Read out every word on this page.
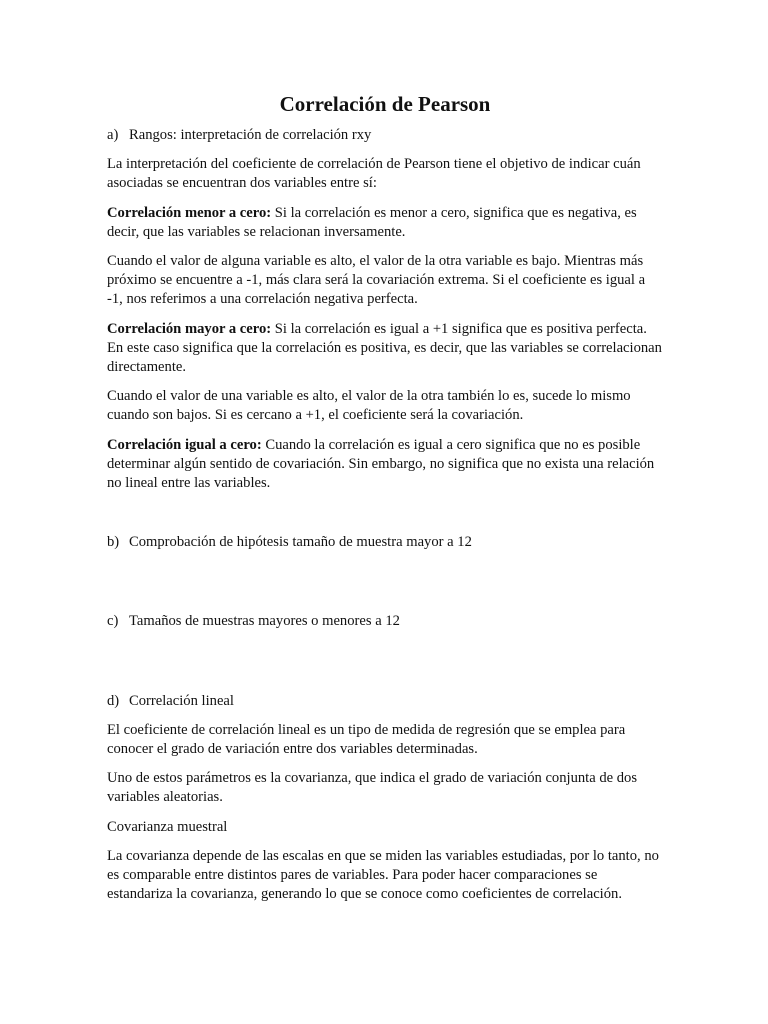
Correlación de Pearson
a) Rangos: interpretación de correlación rxy

La interpretación del coeficiente de correlación de Pearson tiene el objetivo de indicar cuán asociadas se encuentran dos variables entre sí:

Correlación menor a cero: Si la correlación es menor a cero, significa que es negativa, es decir, que las variables se relacionan inversamente.

Cuando el valor de alguna variable es alto, el valor de la otra variable es bajo. Mientras más próximo se encuentre a -1, más clara será la covariación extrema. Si el coeficiente es igual a -1, nos referimos a una correlación negativa perfecta.

Correlación mayor a cero: Si la correlación es igual a +1 significa que es positiva perfecta. En este caso significa que la correlación es positiva, es decir, que las variables se correlacionan directamente.

Cuando el valor de una variable es alto, el valor de la otra también lo es, sucede lo mismo cuando son bajos. Si es cercano a +1, el coeficiente será la covariación.

Correlación igual a cero: Cuando la correlación es igual a cero significa que no es posible determinar algún sentido de covariación. Sin embargo, no significa que no exista una relación no lineal entre las variables.

b) Comprobación de hipótesis tamaño de muestra mayor a 12
c) Tamaños de muestras mayores o menores a 12
d) Correlación lineal

El coeficiente de correlación lineal es un tipo de medida de regresión que se emplea para conocer el grado de variación entre dos variables determinadas.

Uno de estos parámetros es la covarianza, que indica el grado de variación conjunta de dos variables aleatorias.

Covarianza muestral

La covarianza depende de las escalas en que se miden las variables estudiadas, por lo tanto, no es comparable entre distintos pares de variables. Para poder hacer comparaciones se estandariza la covarianza, generando lo que se conoce como coeficientes de correlación.
